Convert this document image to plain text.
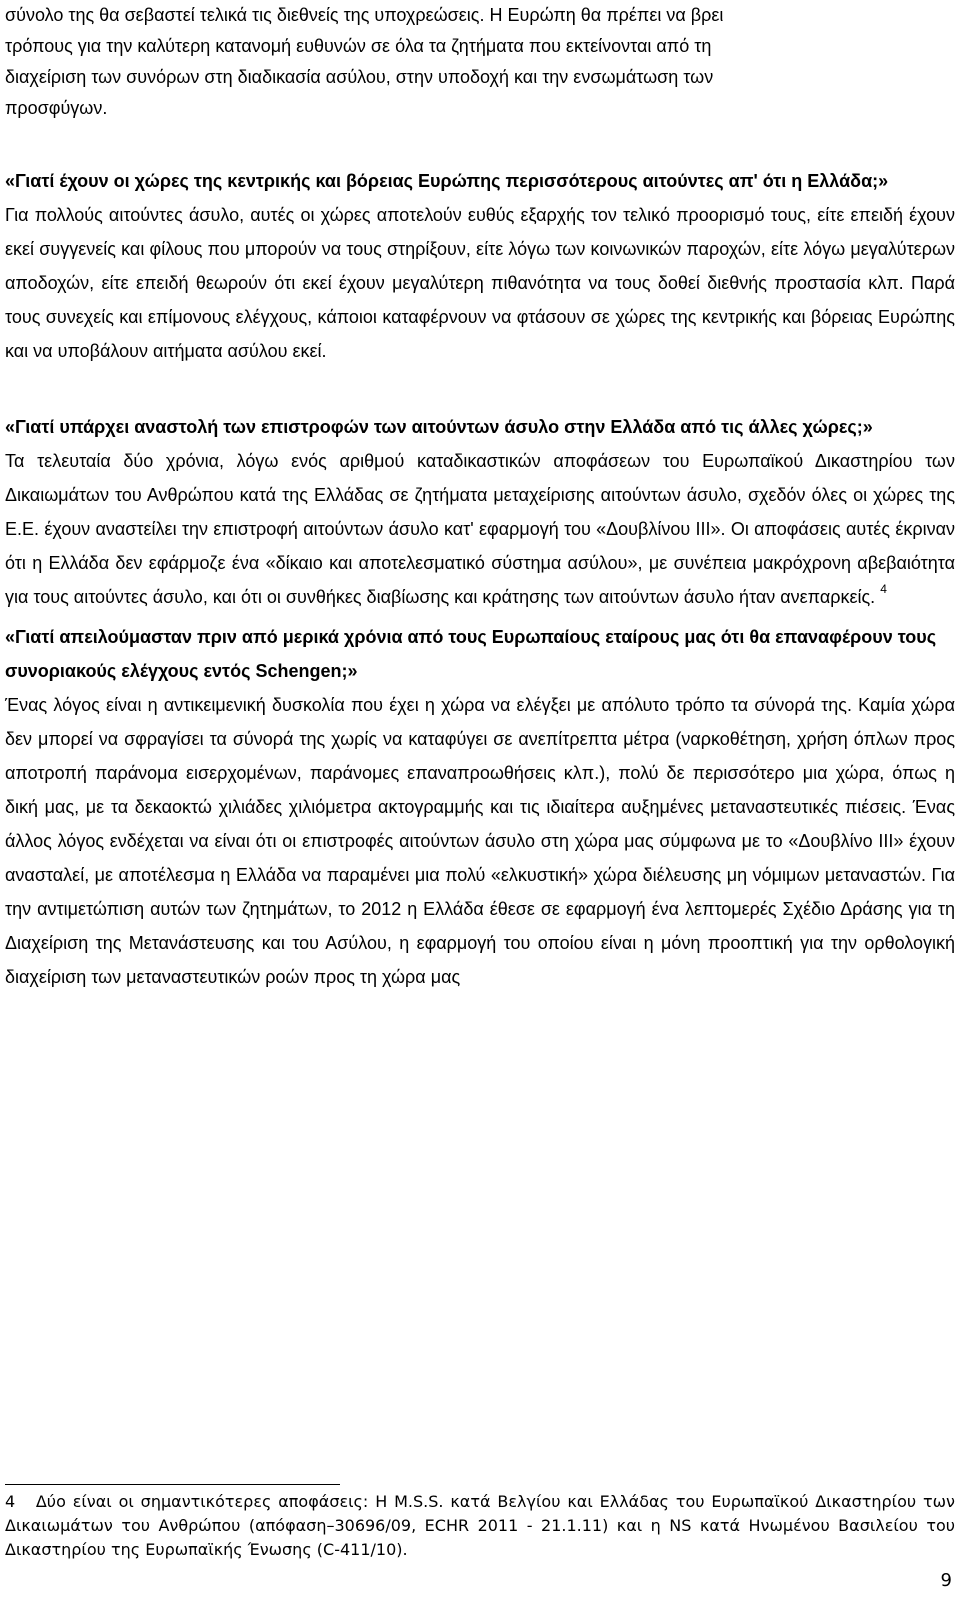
σύνολο της θα σεβαστεί τελικά τις διεθνείς της υποχρεώσεις. Η Ευρώπη θα πρέπει να βρει
τρόπους για την καλύτερη κατανομή ευθυνών σε όλα τα ζητήματα που εκτείνονται από τη
διαχείριση των συνόρων στη διαδικασία ασύλου, στην υποδοχή και την ενσωμάτωση των
προσφύγων.

«Γιατί έχουν οι χώρες της κεντρικής και βόρειας Ευρώπης περισσότερους αιτούντες απ' ότι η Ελλάδα;»

Για πολλούς αιτούντες άσυλο, αυτές οι χώρες αποτελούν ευθύς εξαρχής τον τελικό προορισμό τους, είτε επειδή έχουν εκεί συγγενείς και φίλους που μπορούν να τους στηρίξουν, είτε λόγω των κοινωνικών παροχών, είτε λόγω μεγαλύτερων αποδοχών, είτε επειδή θεωρούν ότι εκεί έχουν μεγαλύτερη πιθανότητα να τους δοθεί διεθνής προστασία κλπ. Παρά τους συνεχείς και επίμονους ελέγχους, κάποιοι καταφέρνουν να φτάσουν σε χώρες της κεντρικής και βόρειας Ευρώπης και να υποβάλουν αιτήματα ασύλου εκεί.

«Γιατί υπάρχει αναστολή των επιστροφών των αιτούντων άσυλο στην Ελλάδα από τις άλλες χώρες;»

Τα τελευταία δύο χρόνια, λόγω ενός αριθμού καταδικαστικών αποφάσεων του Ευρωπαϊκού Δικαστηρίου των Δικαιωμάτων του Ανθρώπου κατά της Ελλάδας σε ζητήματα μεταχείρισης αιτούντων άσυλο, σχεδόν όλες οι χώρες της Ε.Ε. έχουν αναστείλει την επιστροφή αιτούντων άσυλο κατ' εφαρμογή του «Δουβλίνου ΙΙΙ». Οι αποφάσεις αυτές έκριναν ότι η Ελλάδα δεν εφάρμοζε ένα «δίκαιο και αποτελεσματικό σύστημα ασύλου», με συνέπεια μακρόχρονη αβεβαιότητα για τους αιτούντες άσυλο, και ότι οι συνθήκες διαβίωσης και κράτησης των αιτούντων άσυλο ήταν ανεπαρκείς. $^4$

«Γιατί απειλούμασταν πριν από μερικά χρόνια από τους Ευρωπαίους εταίρους μας ότι θα επαναφέρουν τους συνοριακούς ελέγχους εντός Schengen;»

Ένας λόγος είναι η αντικειμενική δυσκολία που έχει η χώρα να ελέγξει με απόλυτο τρόπο τα σύνορά της. Καμία χώρα δεν μπορεί να σφραγίσει τα σύνορά της χωρίς να καταφύγει σε ανεπίτρεπτα μέτρα (ναρκοθέτηση, χρήση όπλων προς αποτροπή παράνομα εισερχομένων, παράνομες επαναπροωθήσεις κλπ.), πολύ δε περισσότερο μια χώρα, όπως η δική μας, με τα δεκαοκτώ χιλιάδες χιλιόμετρα ακτογραμμής και τις ιδιαίτερα αυξημένες μεταναστευτικές πιέσεις. Ένας άλλος λόγος ενδέχεται να είναι ότι οι επιστροφές αιτούντων άσυλο στη χώρα μας σύμφωνα με το «Δουβλίνο ΙΙΙ» έχουν ανασταλεί, με αποτέλεσμα η Ελλάδα να παραμένει μια πολύ «ελκυστική» χώρα διέλευσης μη νόμιμων μεταναστών. Για την αντιμετώπιση αυτών των ζητημάτων, το 2012 η Ελλάδα έθεσε σε εφαρμογή ένα λεπτομερές Σχέδιο Δράσης για τη Διαχείριση της Μετανάστευσης και του Ασύλου, η εφαρμογή του οποίου είναι η μόνη προοπτική για την ορθολογική διαχείριση των μεταναστευτικών ροών προς τη χώρα μας

4 Δύο είναι οι σημαντικότερες αποφάσεις: Η M.S.S. κατά Βελγίου και Ελλάδας του Ευρωπαϊκού Δικαστηρίου των Δικαιωμάτων του Ανθρώπου (απόφαση–30696/09, ECHR 2011 - 21.1.11) και η NS κατά Ηνωμένου Βασιλείου του Δικαστηρίου της Ευρωπαϊκής Ένωσης (C-411/10).
9
